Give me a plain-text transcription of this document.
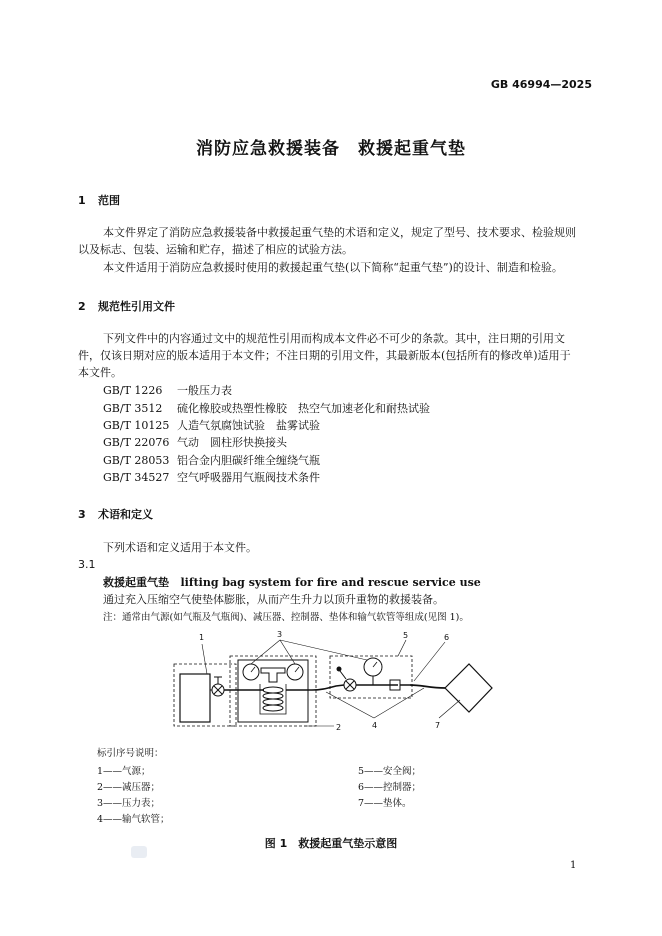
GB 46994—2025
消防应急救援装备　救援起重气垫
1 范围
本文件界定了消防应急救援装备中救援起重气垫的术语和定义，规定了型号、技术要求、检验规则
以及标志、包装、运输和贮存，描述了相应的试验方法。
本文件适用于消防应急救援时使用的救援起重气垫(以下简称“起重气垫”)的设计、制造和检验。
2 规范性引用文件
下列文件中的内容通过文中的规范性引用而构成本文件必不可少的条款。其中，注日期的引用文
件，仅该日期对应的版本适用于本文件；不注日期的引用文件，其最新版本(包括所有的修改单)适用于
本文件。
GB/T 1226 一般压力表
GB/T 3512 硫化橡胶或热塑性橡胶　热空气加速老化和耐热试验
GB/T 10125 人造气氛腐蚀试验　盐雾试验
GB/T 22076 气动　圆柱形快换接头
GB/T 28053 铝合金内胆碳纤维全缠绕气瓶
GB/T 34527 空气呼吸器用气瓶阀技术条件
3 术语和定义
下列术语和定义适用于本文件。
3.1
救援起重气垫 lifting bag system for fire and rescue service use
通过充入压缩空气使垫体膨胀，从而产生升力以顶升重物的救援装备。
注：通常由气源(如气瓶及气瓶阀)、减压器、控制器、垫体和输气软管等组成(见图 1)。
1
2
3
4
5	6
7
标引序号说明：
1——气源；
2——减压器；
3——压力表；
4——输气软管；
5——安全阀；
6——控制器；
7——垫体。
图 1　救援起重气垫示意图
1
